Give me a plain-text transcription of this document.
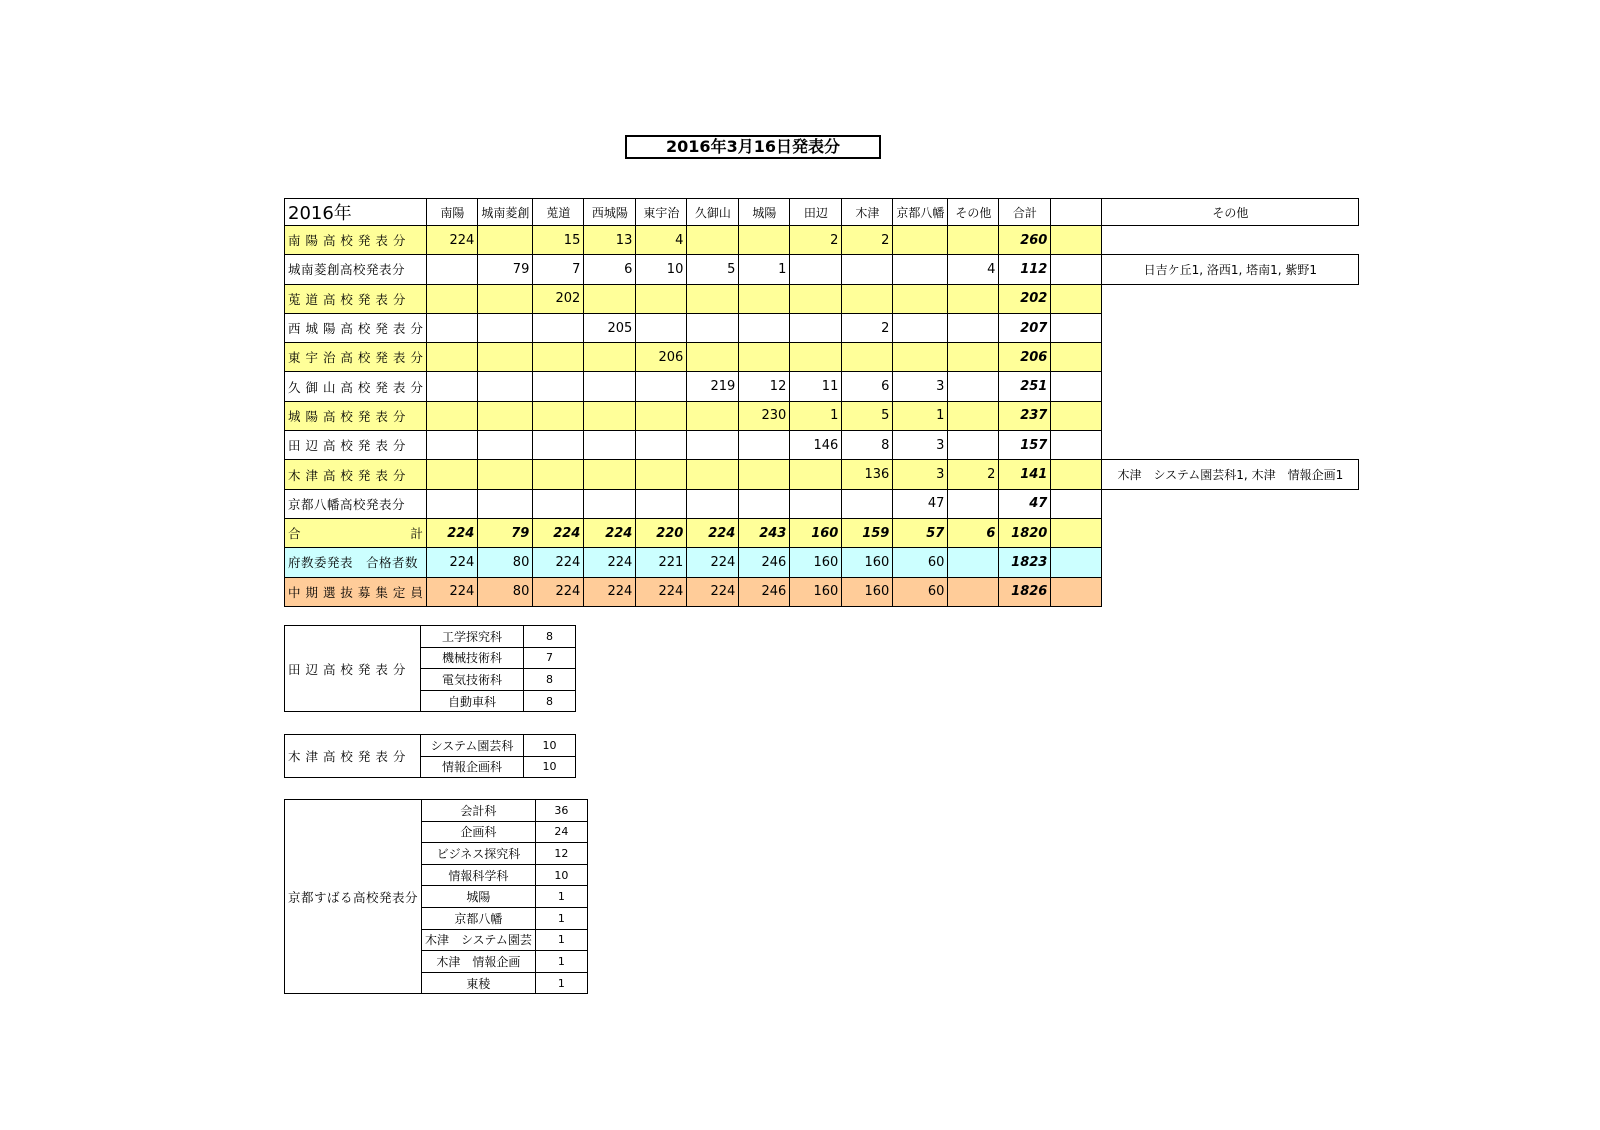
2016年3月16日発表分
2016年	南陽	城南菱創	莵道	西城陽	東宇治	久御山	城陽	田辺	木津	京都八幡	その他	合計		その他
南 陽 高 校 発 表 分	224		15	13	4			2	2			260		
城南菱創高校発表分		79	7	6	10	5	1				4	112		日吉ケ丘1, 洛西1, 塔南1, 紫野1
莵 道 高 校 発 表 分			202									202		
西 城 陽 高 校 発 表 分				205					2			207		
東 宇 治 高 校 発 表 分					206							206		
久 御 山 高 校 発 表 分						219	12	11	6	3		251		
城 陽 高 校 発 表 分							230	1	5	1		237		
田 辺 高 校 発 表 分								146	8	3		157		
木 津 高 校 発 表 分									136	3	2	141		木津　システム園芸科1, 木津　情報企画1
京都八幡高校発表分										47		47		

合 計	224	79	224	224	220	224	243	160	159	57	6	1820		
府教委発表　合格者数	224	80	224	224	221	224	246	160	160	60		1823		
中 期 選 抜 募 集 定 員	224	80	224	224	224	224	246	160	160	60		1826		
田 辺 高 校 発 表 分	工学探究科	8
	機械技術科	7
	電気技術科	8
	自動車科	8
木 津 高 校 発 表 分	システム園芸科	10
	情報企画科	10
京都すばる高校発表分	会計科	36
	企画科	24
	ビジネス探究科	12
	情報科学科	10
	城陽	1
	京都八幡	1
	木津　システム園芸	1
	木津　情報企画	1
	東稜	1
